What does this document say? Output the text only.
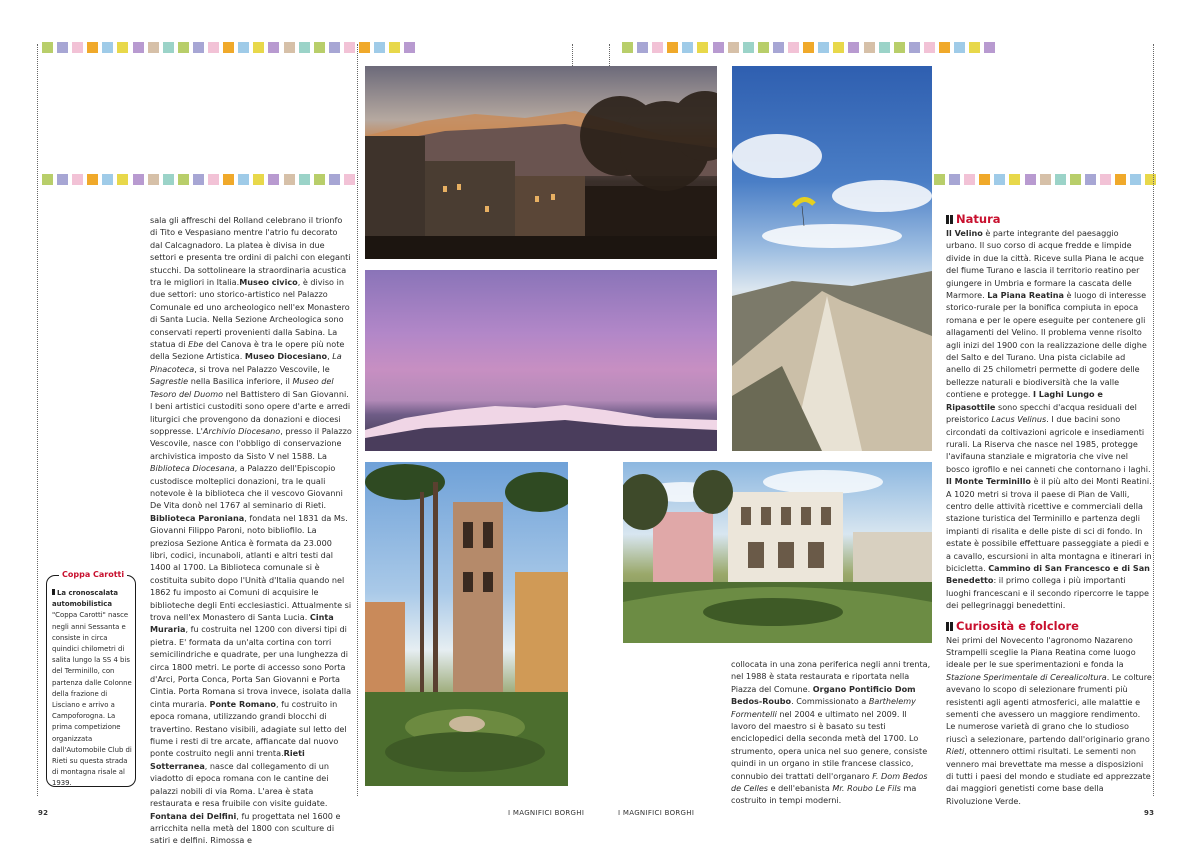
sala gli affreschi del Rolland celebrano il trionfo di Tito e Vespasiano mentre l'atrio fu decorato dal Calcagnadoro. La platea è divisa in due settori e presenta tre ordini di palchi con eleganti stucchi. Da sottolineare la straordinaria acustica tra le migliori in Italia.Museo civico, è diviso in due settori: uno storico-artistico nel Palazzo Comunale ed uno archeologico nell'ex Monastero di Santa Lucia. Nella Sezione Archeologica sono conservati reperti provenienti dalla Sabina. La statua di Ebe del Canova è tra le opere più note della Sezione Artistica. Museo Diocesiano, La Pinacoteca, si trova nel Palazzo Vescovile, le Sagrestie nella Basilica inferiore, il Museo del Tesoro del Duomo nel Battistero di San Giovanni. I beni artistici custoditi sono opere d'arte e arredi liturgici che provengono da donazioni e diocesi soppresse. L'Archivio Diocesano, presso il Palazzo Vescovile, nasce con l'obbligo di conservazione archivistica imposto da Sisto V nel 1588. La Biblioteca Diocesana, a Palazzo dell'Episcopio custodisce molteplici donazioni, tra le quali notevole è la biblioteca che il vescovo Giovanni De Vita donò nel 1767 al seminario di Rieti. Biblioteca Paroniana, fondata nel 1831 da Ms. Giovanni Filippo Paroni, noto bibliofilo. La preziosa Sezione Antica è formata da 23.000 libri, codici, incunaboli, atlanti e altri testi dal 1400 al 1700. La Biblioteca comunale si è costituita subito dopo l'Unità d'Italia quando nel 1862 fu imposto ai Comuni di acquisire le biblioteche degli Enti ecclesiastici. Attualmente si trova nell'ex Monastero di Santa Lucia. Cinta Muraria, fu costruita nel 1200 con diversi tipi di pietra. E' formata da un'alta cortina con torri semicilindriche e quadrate, per una lunghezza di circa 1800 metri. Le porte di accesso sono Porta d'Arci, Porta Conca, Porta San Giovanni e Porta Cintia. Porta Romana si trova invece, isolata dalla cinta muraria. Ponte Romano, fu costruito in epoca romana, utilizzando grandi blocchi di travertino. Restano visibili, adagiate sul letto del fiume i resti di tre arcate, affiancate dal nuovo ponte costruito negli anni trenta.Rieti Sotterranea, nasce dal collegamento di un viadotto di epoca romana con le cantine dei palazzi nobili di via Roma. L'area è stata restaurata e resa fruibile con visite guidate. Fontana dei Delfini, fu progettata nel 1600 e arricchita nella metà del 1800 con sculture di satiri e delfini. Rimossa e

Coppa Carotti
La cronoscalata automobilistica "Coppa Carotti" nasce negli anni Sessanta e consiste in circa quindici chilometri di salita lungo la SS 4 bis del Terminillo, con partenza dalle Colonne della frazione di Lisciano e arrivo a Campoforogna. La prima competizione organizzata dall'Automobile Club di Rieti su questa strada di montagna risale al 1939.

collocata in una zona periferica negli anni trenta, nel 1988 è stata restaurata e riportata nella Piazza del Comune. Organo Pontificio Dom Bedos-Roubo. Commissionato a Barthelemy Formentelli nel 2004 e ultimato nel 2009. Il lavoro del maestro si è basato su testi enciclopedici della seconda metà del 1700. Lo strumento, opera unica nel suo genere, consiste quindi in un organo in stile francese classico, connubio dei trattati dell'organaro F. Dom Bedos de Celles e dell'ebanista Mr. Roubo Le Fils ma costruito in tempi moderni.

Natura

Il Velino è parte integrante del paesaggio urbano. Il suo corso di acque fredde e limpide divide in due la città. Riceve sulla Piana le acque del fiume Turano e lascia il territorio reatino per giungere in Umbria e formare la cascata delle Marmore. La Piana Reatina è luogo di interesse storico-rurale per la bonifica compiuta in epoca romana e per le opere eseguite per contenere gli allagamenti del Velino. Il problema venne risolto agli inizi del 1900 con la realizzazione delle dighe del Salto e del Turano. Una pista ciclabile ad anello di 25 chilometri permette di godere delle bellezze naturali e biodiversità che la valle contiene e protegge. I Laghi Lungo e Ripasottile sono specchi d'acqua residuali del preistorico Lacus Velinus. I due bacini sono circondati da coltivazioni agricole e insediamenti rurali. La Riserva che nasce nel 1985, protegge l'avifauna stanziale e migratoria che vive nel bosco igrofilo e nei canneti che contornano i laghi. Il Monte Terminillo è il più alto dei Monti Reatini. A 1020 metri si trova il paese di Pian de Valli, centro delle attività ricettive e commerciali della stazione turistica del Terminillo e partenza degli impianti di risalita e delle piste di sci di fondo. In estate è possibile effettuare passeggiate a piedi e a cavallo, escursioni in alta montagna e itinerari in bicicletta. Cammino di San Francesco e di San Benedetto: il primo collega i più importanti luoghi francescani e il secondo ripercorre le tappe dei pellegrinaggi benedettini.

Curiosità e folclore

Nei primi del Novecento l'agronomo Nazareno Strampelli sceglie la Piana Reatina come luogo ideale per le sue sperimentazioni e fonda la Stazione Sperimentale di Cerealicoltura. Le colture avevano lo scopo di selezionare frumenti più resistenti agli agenti atmosferici, alle malattie e sementi che avessero un maggiore rendimento. Le numerose varietà di grano che lo studioso riuscì a selezionare, partendo dall'originario grano Rieti, ottennero ottimi risultati. Le sementi non vennero mai brevettate ma messe a disposizioni di tutti i paesi del mondo e studiate ed apprezzate dai maggiori genetisti come base della Rivoluzione Verde.

92	I MAGNIFICI BORGHI	I MAGNIFICI BORGHI	93
